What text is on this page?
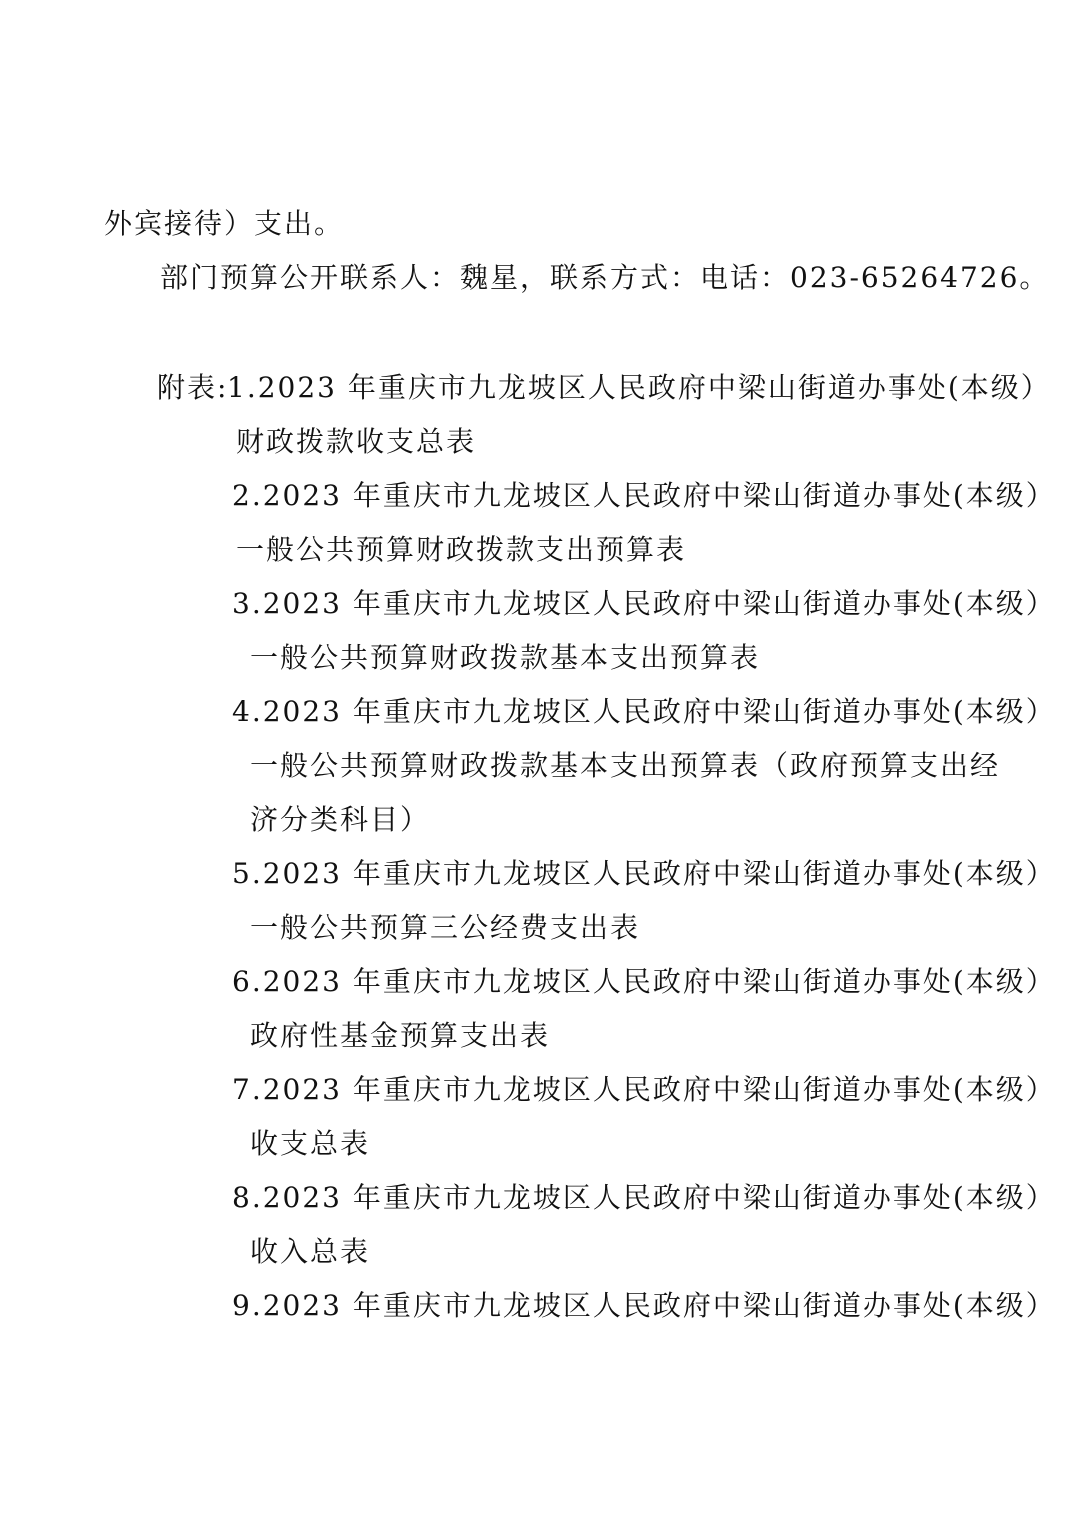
外宾接待）支出。
部门预算公开联系人：魏星，联系方式：电话：023-65264726。
附表:
1.2023 年重庆市九龙坡区人民政府中梁山街道办事处(本级）
财政拨款收支总表
2.2023 年重庆市九龙坡区人民政府中梁山街道办事处(本级）
一般公共预算财政拨款支出预算表
3.2023 年重庆市九龙坡区人民政府中梁山街道办事处(本级）
一般公共预算财政拨款基本支出预算表
4.2023 年重庆市九龙坡区人民政府中梁山街道办事处(本级）
一般公共预算财政拨款基本支出预算表（政府预算支出经
济分类科目）
5.2023 年重庆市九龙坡区人民政府中梁山街道办事处(本级）
一般公共预算三公经费支出表
6.2023 年重庆市九龙坡区人民政府中梁山街道办事处(本级）
政府性基金预算支出表
7.2023 年重庆市九龙坡区人民政府中梁山街道办事处(本级）
收支总表
8.2023 年重庆市九龙坡区人民政府中梁山街道办事处(本级）
收入总表
9.2023 年重庆市九龙坡区人民政府中梁山街道办事处(本级）
